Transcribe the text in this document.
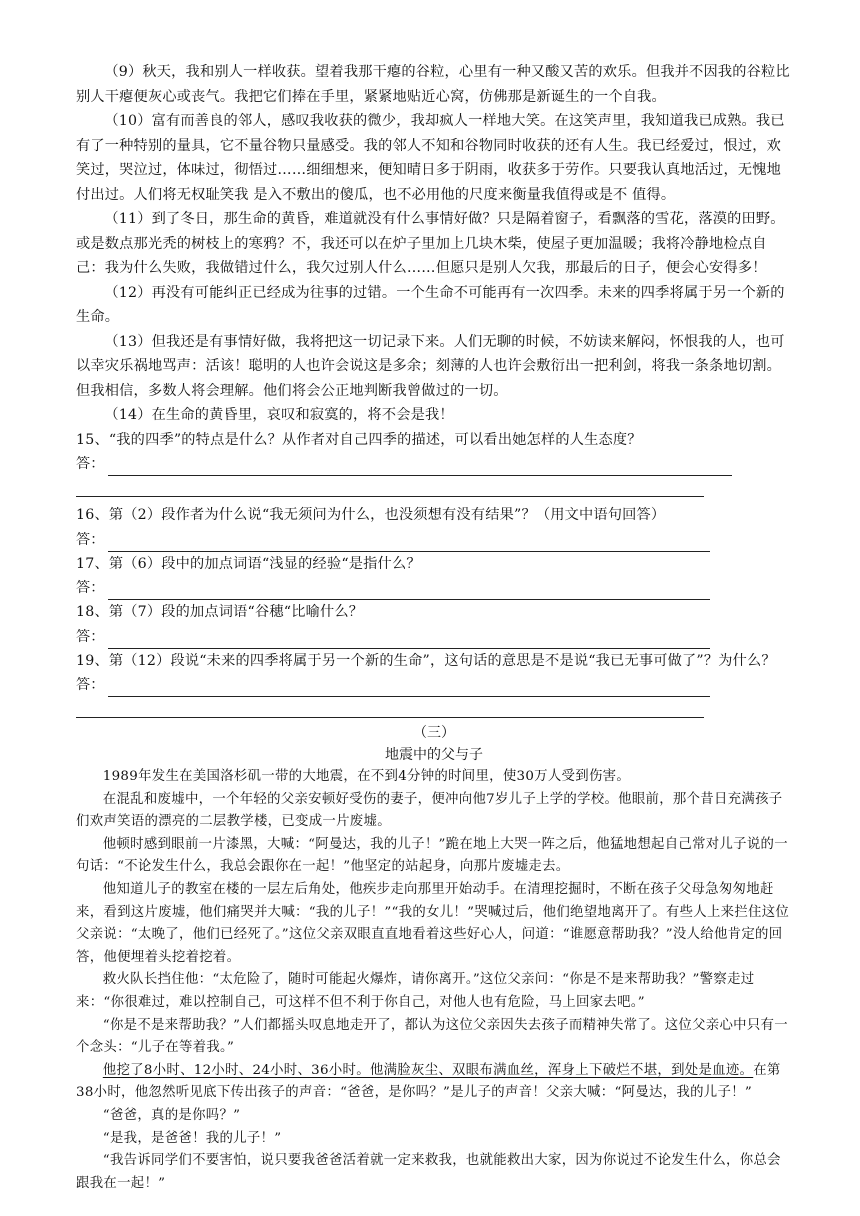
（9）秋天，我和别人一样收获。望着我那干瘪的谷粒，心里有一种又酸又苦的欢乐。但我并不因我的谷粒比别人干瘪便灰心或丧气。我把它们捧在手里，紧紧地贴近心窝，仿佛那是新诞生的一个自我。

（10）富有而善良的邻人，感叹我收获的微少，我却疯人一样地大笑。在这笑声里，我知道我已成熟。我已有了一种特别的量具，它不量谷物只量感受。我的邻人不知和谷物同时收获的还有人生。我已经爱过，恨过，欢笑过，哭泣过，体味过，彻悟过……细细想来，便知晴日多于阴雨，收获多于劳作。只要我认真地活过，无愧地付出过。人们将无权耻笑我 是入不敷出的傻瓜，也不必用他的尺度来衡量我值得或是不 值得。

（11）到了冬日，那生命的黄昏，难道就没有什么事情好做？只是隔着窗子，看飘落的雪花，落漠的田野。或是数点那光秃的树枝上的寒鸦？不，我还可以在炉子里加上几块木柴，使屋子更加温暖；我将冷静地检点自己：我为什么失败，我做错过什么，我欠过别人什么……但愿只是别人欠我，那最后的日子，便会心安得多！

（12）再没有可能纠正已经成为往事的过错。一个生命不可能再有一次四季。未来的四季将属于另一个新的生命。

（13）但我还是有事情好做，我将把这一切记录下来。人们无聊的时候，不妨读来解闷，怀恨我的人，也可以幸灾乐祸地骂声：活该！聪明的人也许会说这是多余；刻薄的人也许会敷衍出一把利剑，将我一条条地切割。但我相信，多数人将会理解。他们将会公正地判断我曾做过的一切。

（14）在生命的黄昏里，哀叹和寂寞的，将不会是我！

15、“我的四季”的特点是什么？从作者对自己四季的描述，可以看出她怎样的人生态度？

答：

16、第（2）段作者为什么说“我无须问为什么，也没须想有没有结果”？（用文中语句回答）

答：

17、第（6）段中的加点词语“浅显的经验“是指什么？

答：

18、第（7）段的加点词语“谷穗“比喻什么？

答：

19、第（12）段说“未来的四季将属于另一个新的生命”，这句话的意思是不是说“我已无事可做了”？为什么？

答：
（三）
地震中的父与子

1989年发生在美国洛杉矶一带的大地震，在不到4分钟的时间里，使30万人受到伤害。

在混乱和废墟中，一个年轻的父亲安顿好受伤的妻子，便冲向他7岁儿子上学的学校。他眼前，那个昔日充满孩子们欢声笑语的漂亮的二层教学楼，已变成一片废墟。

他顿时感到眼前一片漆黑，大喊：“阿曼达，我的儿子！”跪在地上大哭一阵之后，他猛地想起自己常对儿子说的一句话：“不论发生什么，我总会跟你在一起！”他坚定的站起身，向那片废墟走去。

他知道儿子的教室在楼的一层左后角处，他疾步走向那里开始动手。在清理挖掘时，不断在孩子父母急匆匆地赶来，看到这片废墟，他们痛哭并大喊：“我的儿子！”“我的女儿！”哭喊过后，他们绝望地离开了。有些人上来拦住这位父亲说：“太晚了，他们已经死了。”这位父亲双眼直直地看着这些好心人，问道：“谁愿意帮助我？”没人给他肯定的回答，他便埋着头挖着挖着。

救火队长挡住他：“太危险了，随时可能起火爆炸，请你离开。”这位父亲问：“你是不是来帮助我？”警察走过来：“你很难过，难以控制自己，可这样不但不利于你自己，对他人也有危险，马上回家去吧。”

“你是不是来帮助我？”人们都摇头叹息地走开了，都认为这位父亲因失去孩子而精神失常了。这位父亲心中只有一个念头：“儿子在等着我。”

他挖了8小时、12小时、24小时、36小时。他满脸灰尘、双眼布满血丝，浑身上下破烂不堪，到处是血迹。在第38小时，他忽然听见底下传出孩子的声音：“爸爸，是你吗？”是儿子的声音！父亲大喊：“阿曼达，我的儿子！”

“爸爸，真的是你吗？”

“是我，是爸爸！我的儿子！”

“我告诉同学们不要害怕，说只要我爸爸活着就一定来救我，也就能救出大家，因为你说过不论发生什么，你总会跟我在一起！”
